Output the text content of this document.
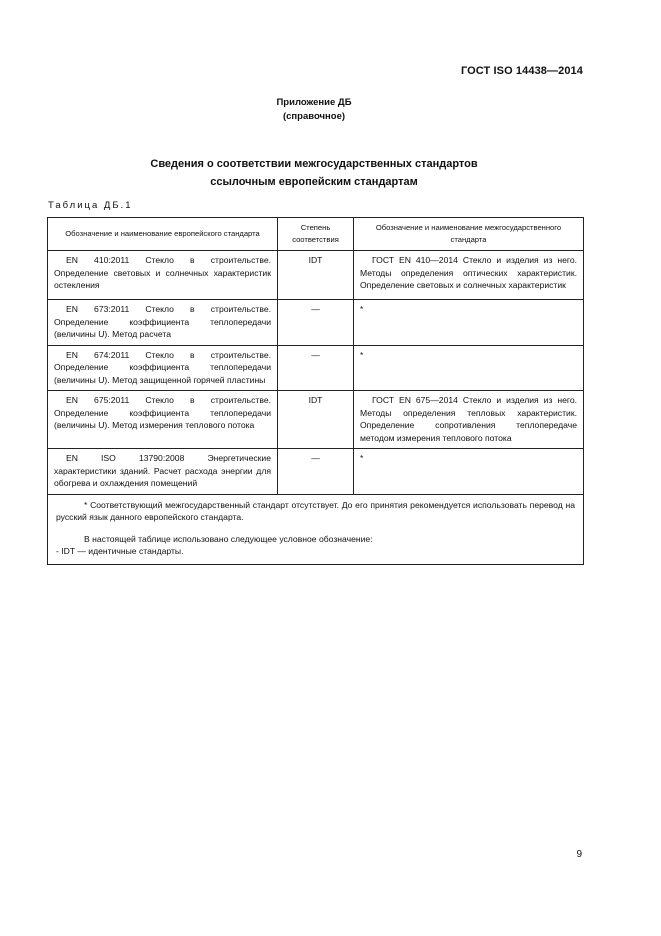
ГОСТ ISO 14438—2014
Приложение ДБ
(справочное)
Сведения о соответствии межгосударственных стандартов
ссылочным европейским стандартам
Таблица ДБ.1
Обозначение и наименование европейского стандарта	Степень соответствия	Обозначение и наименование межгосударственного стандарта
EN 410:2011 Стекло в строительстве. Определение световых и солнечных характеристик остекления	IDT	ГОСТ EN 410—2014 Стекло и изделия из него. Методы определения оптических характеристик. Определение световых и солнечных характеристик
EN 673:2011 Стекло в строительстве. Определение коэффициента теплопередачи (величины U). Метод расчета	—	*
EN 674:2011 Стекло в строительстве. Определение коэффициента теплопередачи (величины U). Метод защищенной горячей пластины	—	*
EN 675:2011 Стекло в строительстве. Определение коэффициента теплопередачи (величины U). Метод измерения теплового потока	IDT	ГОСТ EN 675—2014 Стекло и изделия из него. Методы определения тепловых характеристик. Определение сопротивления теплопередаче методом измерения теплового потока
EN ISO 13790:2008 Энергетические характеристики зданий. Расчет расхода энергии для обогрева и охлаждения помещений	—	*

* Соответствующий межгосударственный стандарт отсутствует. До его принятия рекомендуется использовать перевод на русский язык данного европейского стандарта.

В настоящей таблице использовано следующее условное обозначение:

- IDT — идентичные стандарты.		

9
